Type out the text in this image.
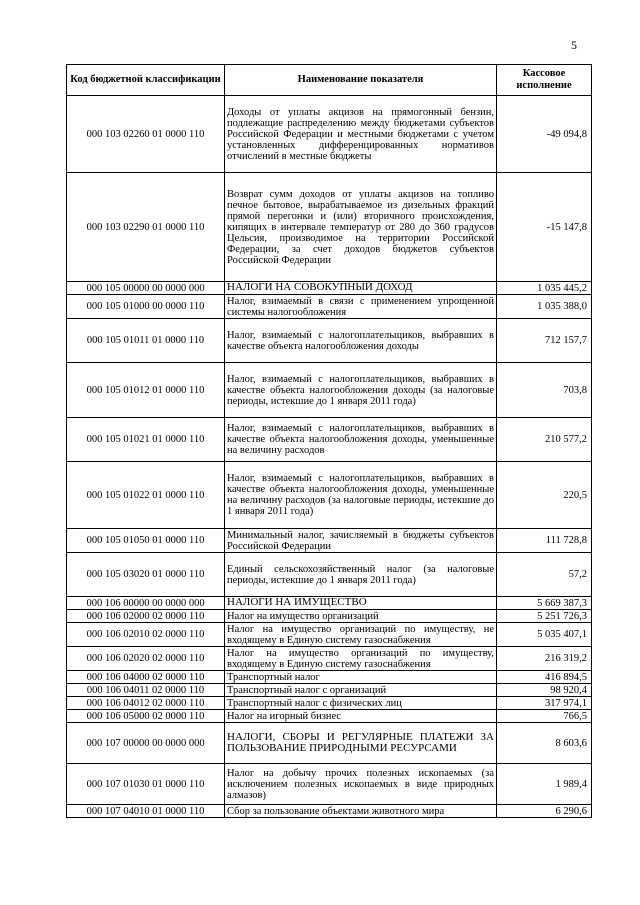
5
Код бюджетной классификации	Наименование показателя	Кассовое исполнение
000 103 02260 01 0000 110	Доходы от уплаты акцизов на прямогонный бензин, подлежащие распределению между бюджетами субъектов Российской Федерации и местными бюджетами с учетом установленных дифференцированных нормативов отчислений в местные бюджеты	-49 094,8
000 103 02290 01 0000 110	Возврат сумм доходов от уплаты акцизов на топливо печное бытовое, вырабатываемое из дизельных фракций прямой перегонки и (или) вторичного происхождения, кипящих в интервале температур от 280 до 360 градусов Цельсия, производимое на территории Российской Федерации, за счет доходов бюджетов субъектов Российской Федерации	-15 147,8
000 105 00000 00 0000 000	НАЛОГИ НА СОВОКУПНЫЙ ДОХОД	1 035 445,2
000 105 01000 00 0000 110	Налог, взимаемый в связи с применением упрощенной системы налогообложения	1 035 388,0
000 105 01011 01 0000 110	Налог, взимаемый с налогоплательщиков, выбравших в качестве объекта налогообложения доходы	712 157,7
000 105 01012 01 0000 110	Налог, взимаемый с налогоплательщиков, выбравших в качестве объекта налогообложения доходы (за налоговые периоды, истекшие до 1 января 2011 года)	703,8
000 105 01021 01 0000 110	Налог, взимаемый с налогоплательщиков, выбравших в качестве объекта налогообложения доходы, уменьшенные на величину расходов	210 577,2
000 105 01022 01 0000 110	Налог, взимаемый с налогоплательщиков, выбравших в качестве объекта налогообложения доходы, уменьшенные на величину расходов (за налоговые периоды, истекшие до 1 января 2011 года)	220,5
000 105 01050 01 0000 110	Минимальный налог, зачисляемый в бюджеты субъектов Российской Федерации	111 728,8
000 105 03020 01 0000 110	Единый сельскохозяйственный налог (за налоговые периоды, истекшие до 1 января 2011 года)	57,2
000 106 00000 00 0000 000	НАЛОГИ НА ИМУЩЕСТВО	5 669 387,3
000 106 02000 02 0000 110	Налог на имущество организаций	5 251 726,3
000 106 02010 02 0000 110	Налог на имущество организаций по имуществу, не входящему в Единую систему газоснабжения	5 035 407,1
000 106 02020 02 0000 110	Налог на имущество организаций по имуществу, входящему в Единую систему газоснабжения	216 319,2
000 106 04000 02 0000 110	Транспортный налог	416 894,5
000 106 04011 02 0000 110	Транспортный налог с организаций	98 920,4
000 106 04012 02 0000 110	Транспортный налог с физических лиц	317 974,1
000 106 05000 02 0000 110	Налог на игорный бизнес	766,5
000 107 00000 00 0000 000	НАЛОГИ, СБОРЫ И РЕГУЛЯРНЫЕ ПЛАТЕЖИ ЗА ПОЛЬЗОВАНИЕ ПРИРОДНЫМИ РЕСУРСАМИ	8 603,6
000 107 01030 01 0000 110	Налог на добычу прочих полезных ископаемых (за исключением полезных ископаемых в виде природных алмазов)	1 989,4
000 107 04010 01 0000 110	Сбор за пользование объектами животного мира	6 290,6
